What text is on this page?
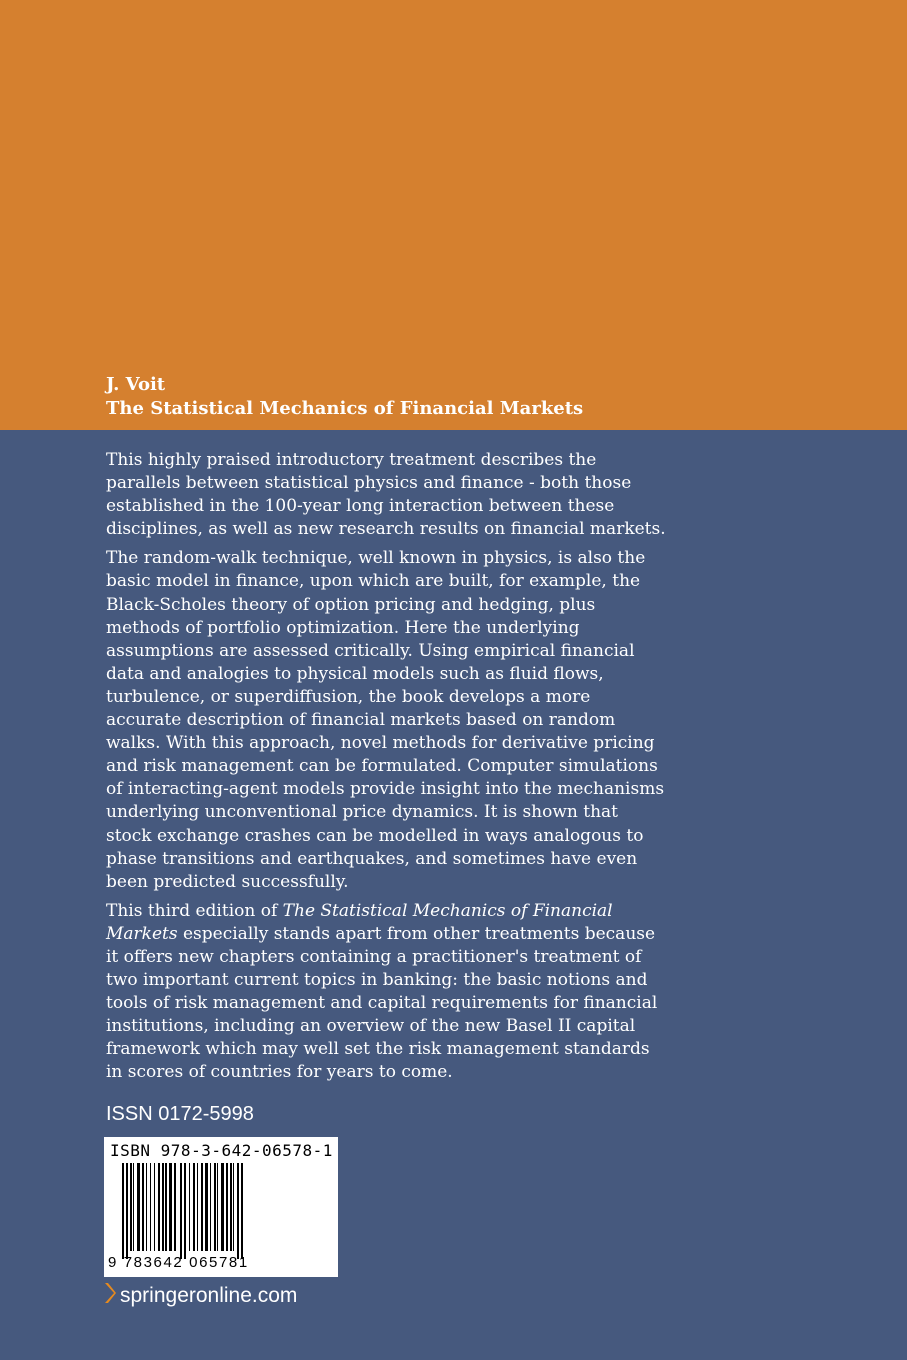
J. Voit
The Statistical Mechanics of Financial Markets

This highly praised introductory treatment describes the parallels between statistical physics and finance - both those established in the 100-year long interaction between these disciplines, as well as new research results on financial markets.

The random-walk technique, well known in physics, is also the basic model in finance, upon which are built, for example, the Black-Scholes theory of option pricing and hedging, plus methods of portfolio optimization. Here the underlying assumptions are assessed critically. Using empirical financial data and analogies to physical models such as fluid flows, turbulence, or superdiffusion, the book develops a more accurate description of financial markets based on random walks. With this approach, novel methods for derivative pricing and risk management can be formulated. Computer simulations of interacting-agent models provide insight into the mechanisms underlying unconventional price dynamics. It is shown that stock exchange crashes can be modelled in ways analogous to phase transitions and earthquakes, and sometimes have even been predicted successfully.

This third edition of The Statistical Mechanics of Financial Markets especially stands apart from other treatments because it offers new chapters containing a practitioner's treatment of two important current topics in banking: the basic notions and tools of risk management and capital requirements for financial institutions, including an overview of the new Basel II capital framework which may well set the risk management standards in scores of countries for years to come.

ISSN 0172-5998
ISBN 978-3-642-06578-1
9 783642 065781
springeronline.com
